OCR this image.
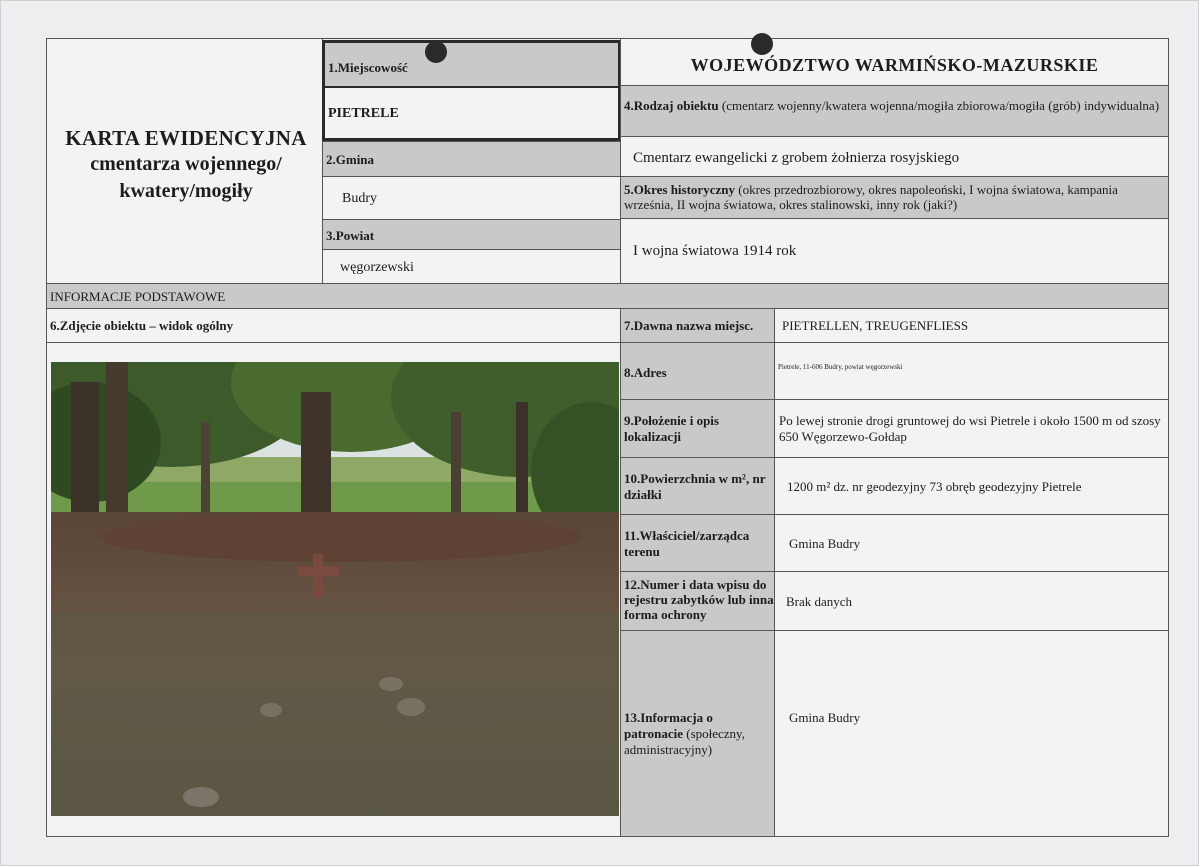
KARTA EWIDENCYJNA
cmentarza wojennego/
kwatery/mogiły
1.Miejscowość
PIETRELE
2.Gmina
Budry
3.Powiat
węgorzewski
WOJEWÓDZTWO WARMIŃSKO-MAZURSKIE
4.Rodzaj obiektu (cmentarz wojenny/kwatera wojenna/mogiła zbiorowa/mogiła (grób) indywidualna)
Cmentarz ewangelicki z grobem żołnierza rosyjskiego
5.Okres historyczny (okres przedrozbiorowy, okres napoleoński, I wojna światowa, kampania września, II wojna światowa, okres stalinowski, inny rok (jaki?)
I wojna światowa 1914 rok
INFORMACJE PODSTAWOWE
6.Zdjęcie obiektu – widok ogólny	7.Dawna nazwa miejsc. PIETRELLEN, TREUGENFLIESS
8.Adres	Pietrele, 11-606 Budry, powiat węgorzewski
9.Położenie i opis lokalizacji
Po lewej stronie drogi gruntowej do wsi Pietrele i około 1500 m od szosy 650 Węgorzewo-Gołdap
10.Powierzchnia w m², nr działki
1200 m² dz. nr geodezyjny 73 obręb geodezyjny Pietrele
11.Właściciel/zarządca terenu
Gmina Budry
12.Numer i data wpisu do rejestru zabytków lub inna forma ochrony
Brak danych
13.Informacja o patronacie (społeczny, administracyjny)
Gmina Budry
